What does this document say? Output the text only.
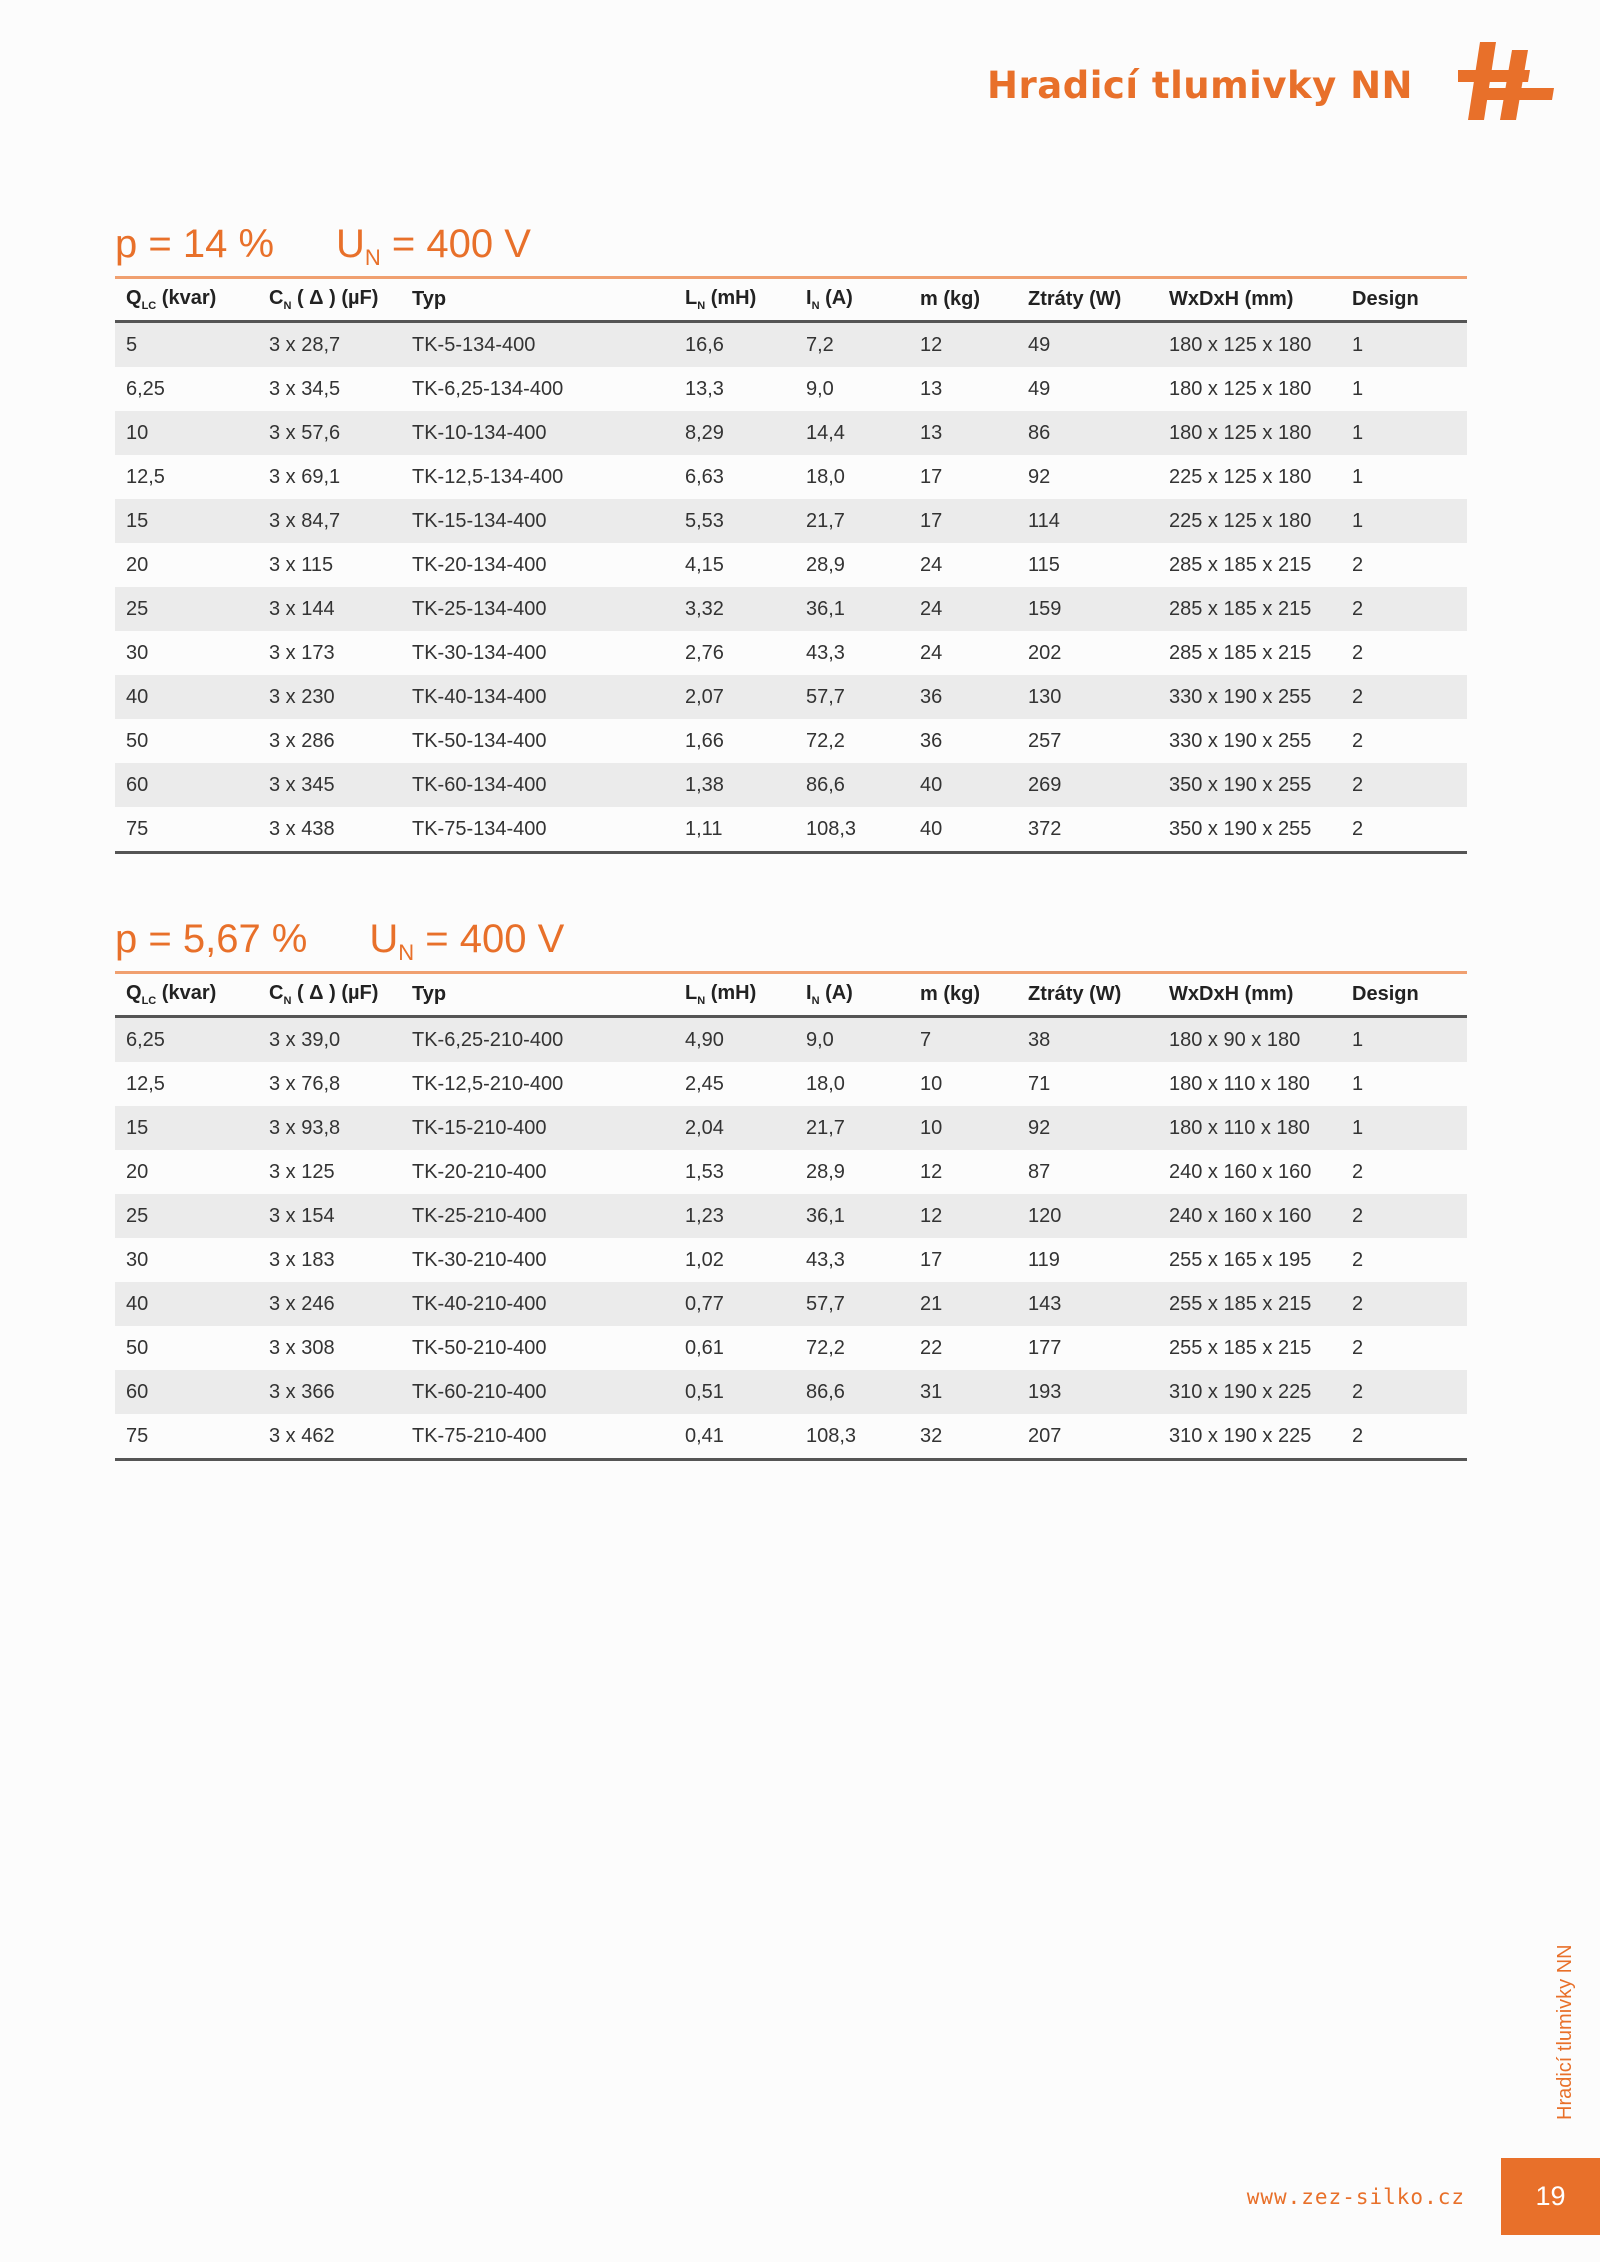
Hradicí tlumivky NN
p = 14 % $U_N = 400$ V
$Q_{LC}$ (kvar)	$C_N$ ( Δ ) (µF)	Typ	$L_N$ (mH)	$I_N$ (A)	m (kg)	Ztráty (W)	WxDxH (mm)	Design
5	3 x 28,7	TK-5-134-400	16,6	7,2	12	49	180 x 125 x 180	1
6,25	3 x 34,5	TK-6,25-134-400	13,3	9,0	13	49	180 x 125 x 180	1
10	3 x 57,6	TK-10-134-400	8,29	14,4	13	86	180 x 125 x 180	1
12,5	3 x 69,1	TK-12,5-134-400	6,63	18,0	17	92	225 x 125 x 180	1
15	3 x 84,7	TK-15-134-400	5,53	21,7	17	114	225 x 125 x 180	1
20	3 x 115	TK-20-134-400	4,15	28,9	24	115	285 x 185 x 215	2
25	3 x 144	TK-25-134-400	3,32	36,1	24	159	285 x 185 x 215	2
30	3 x 173	TK-30-134-400	2,76	43,3	24	202	285 x 185 x 215	2
40	3 x 230	TK-40-134-400	2,07	57,7	36	130	330 x 190 x 255	2
50	3 x 286	TK-50-134-400	1,66	72,2	36	257	330 x 190 x 255	2
60	3 x 345	TK-60-134-400	1,38	86,6	40	269	350 x 190 x 255	2
75	3 x 438	TK-75-134-400	1,11	108,3	40	372	350 x 190 x 255	2
p = 5,67 % $U_N = 400$ V
$Q_{LC}$ (kvar)	$C_N$ ( Δ ) (µF)	Typ	$L_N$ (mH)	$I_N$ (A)	m (kg)	Ztráty (W)	WxDxH (mm)	Design
6,25	3 x 39,0	TK-6,25-210-400	4,90	9,0	7	38	180 x 90 x 180	1
12,5	3 x 76,8	TK-12,5-210-400	2,45	18,0	10	71	180 x 110 x 180	1
15	3 x 93,8	TK-15-210-400	2,04	21,7	10	92	180 x 110 x 180	1
20	3 x 125	TK-20-210-400	1,53	28,9	12	87	240 x 160 x 160	2
25	3 x 154	TK-25-210-400	1,23	36,1	12	120	240 x 160 x 160	2
30	3 x 183	TK-30-210-400	1,02	43,3	17	119	255 x 165 x 195	2
40	3 x 246	TK-40-210-400	0,77	57,7	21	143	255 x 185 x 215	2
50	3 x 308	TK-50-210-400	0,61	72,2	22	177	255 x 185 x 215	2
60	3 x 366	TK-60-210-400	0,51	86,6	31	193	310 x 190 x 225	2
75	3 x 462	TK-75-210-400	0,41	108,3	32	207	310 x 190 x 225	2
Hradicí tlumivky NN
www.zez-silko.cz	19
